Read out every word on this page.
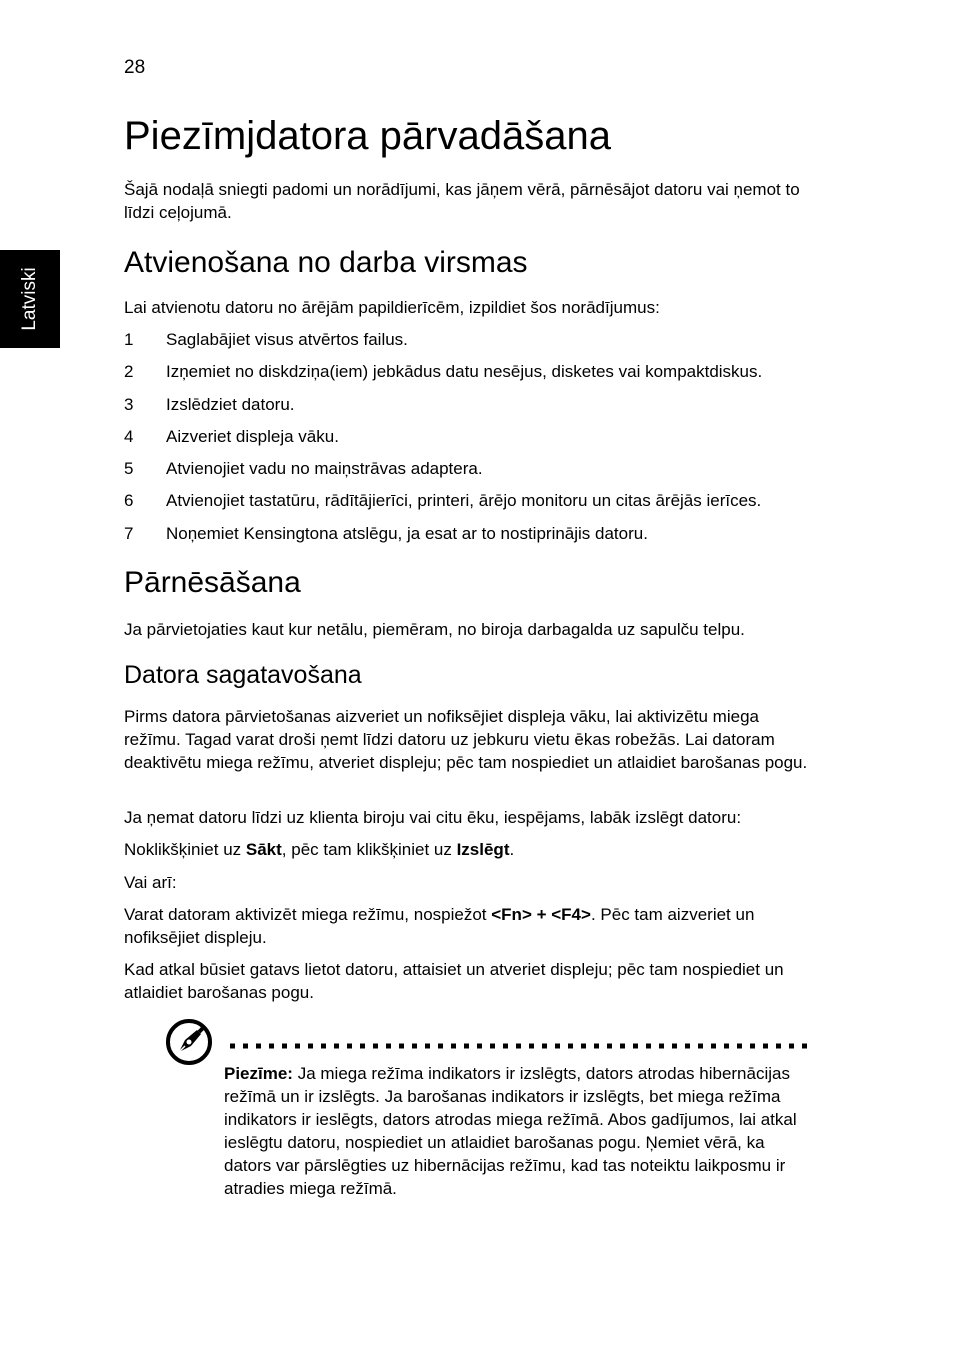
28
Latviski
Piezīmjdatora pārvadāšana
Šajā nodaļā sniegti padomi un norādījumi, kas jāņem vērā, pārnēsājot datoru vai ņemot to līdzi ceļojumā.
Atvienošana no darba virsmas
Lai atvienotu datoru no ārējām papildierīcēm, izpildiet šos norādījumus:
1 Saglabājiet visus atvērtos failus.
2 Izņemiet no diskdziņa(iem) jebkādus datu nesējus, disketes vai kompaktdiskus.
3 Izslēdziet datoru.
4 Aizveriet displeja vāku.
5 Atvienojiet vadu no maiņstrāvas adaptera.
6 Atvienojiet tastatūru, rādītājierīci, printeri, ārējo monitoru un citas ārējās ierīces.
7 Noņemiet Kensingtona atslēgu, ja esat ar to nostiprinājis datoru.
Pārnēsāšana
Ja pārvietojaties kaut kur netālu, piemēram, no biroja darbagalda uz sapulču telpu.
Datora sagatavošana
Pirms datora pārvietošanas aizveriet un nofiksējiet displeja vāku, lai aktivizētu miega režīmu. Tagad varat droši ņemt līdzi datoru uz jebkuru vietu ēkas robežās. Lai datoram deaktivētu miega režīmu, atveriet displeju; pēc tam nospiediet un atlaidiet barošanas pogu.
Ja ņemat datoru līdzi uz klienta biroju vai citu ēku, iespējams, labāk izslēgt datoru:
Noklikšķiniet uz Sākt, pēc tam klikšķiniet uz Izslēgt.
Vai arī:
Varat datoram aktivizēt miega režīmu, nospiežot <Fn> + <F4>. Pēc tam aizveriet un nofiksējiet displeju.
Kad atkal būsiet gatavs lietot datoru, attaisiet un atveriet displeju; pēc tam nospiediet un atlaidiet barošanas pogu.
Piezīme: Ja miega režīma indikators ir izslēgts, dators atrodas hibernācijas režīmā un ir izslēgts. Ja barošanas indikators ir izslēgts, bet miega režīma indikators ir ieslēgts, dators atrodas miega režīmā. Abos gadījumos, lai atkal ieslēgtu datoru, nospiediet un atlaidiet barošanas pogu. Ņemiet vērā, ka dators var pārslēgties uz hibernācijas režīmu, kad tas noteiktu laikposmu ir atradies miega režīmā.
